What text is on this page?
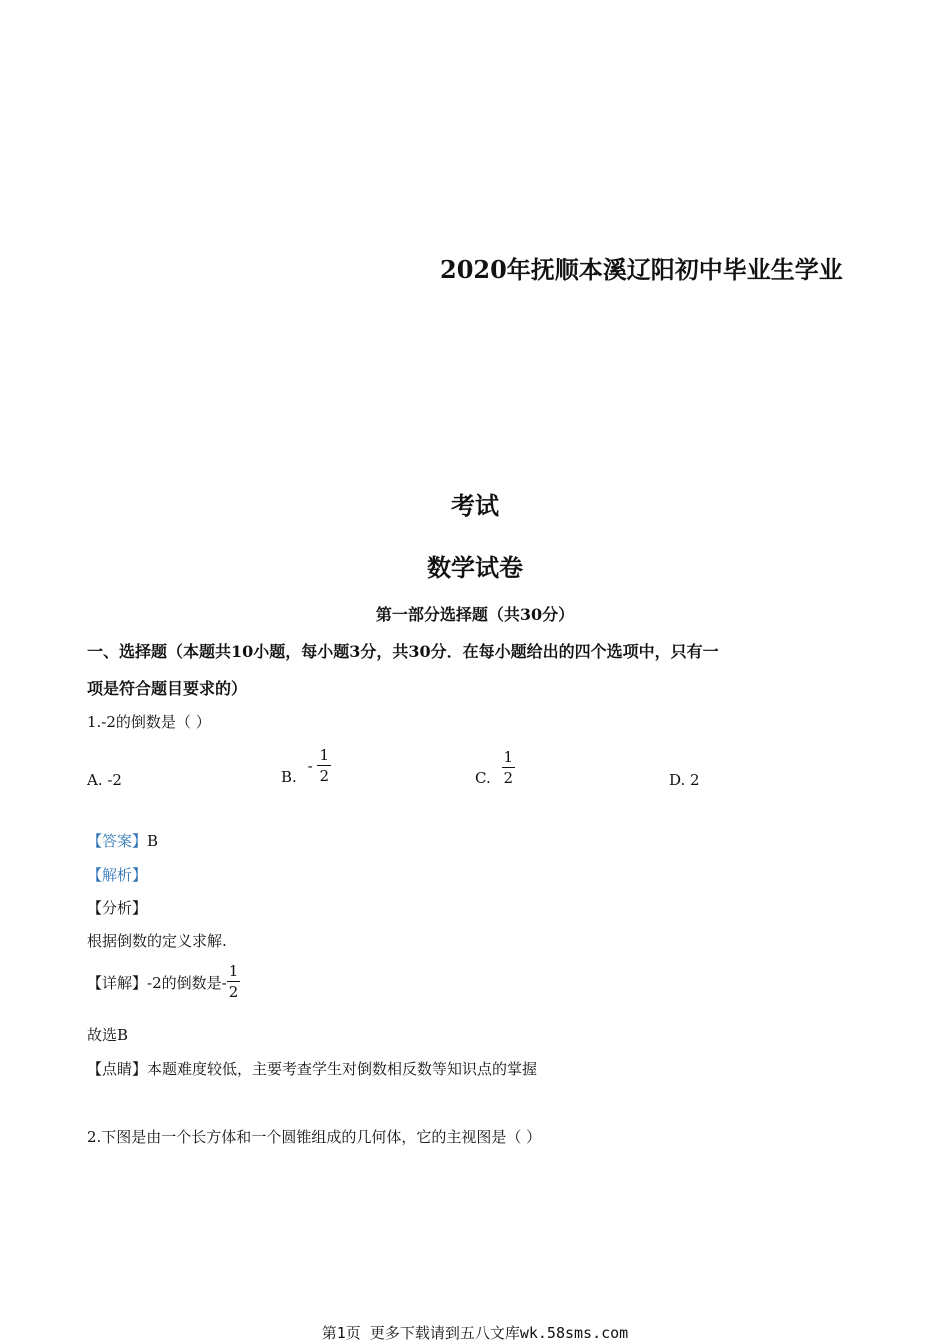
2020年抚顺本溪辽阳初中毕业生学业
考试
数学试卷
第一部分选择题（共30分）
一、选择题（本题共10小题，每小题3分，共30分．在每小题给出的四个选项中，只有一
项是符合题目要求的）
1.-2的倒数是（ ）
A. -2	B. - $\frac{1}{2}$	C. $\frac{1}{2}$	D. 2
【答案】B
【解析】
【分析】
根据倒数的定义求解.
【详解】-2的倒数是- $\frac{1}{2}$
故选B
【点睛】本题难度较低，主要考查学生对倒数相反数等知识点的掌握
2.下图是由一个长方体和一个圆锥组成的几何体，它的主视图是（ ）
第1页 更多下载请到五八文库wk.58sms.com
